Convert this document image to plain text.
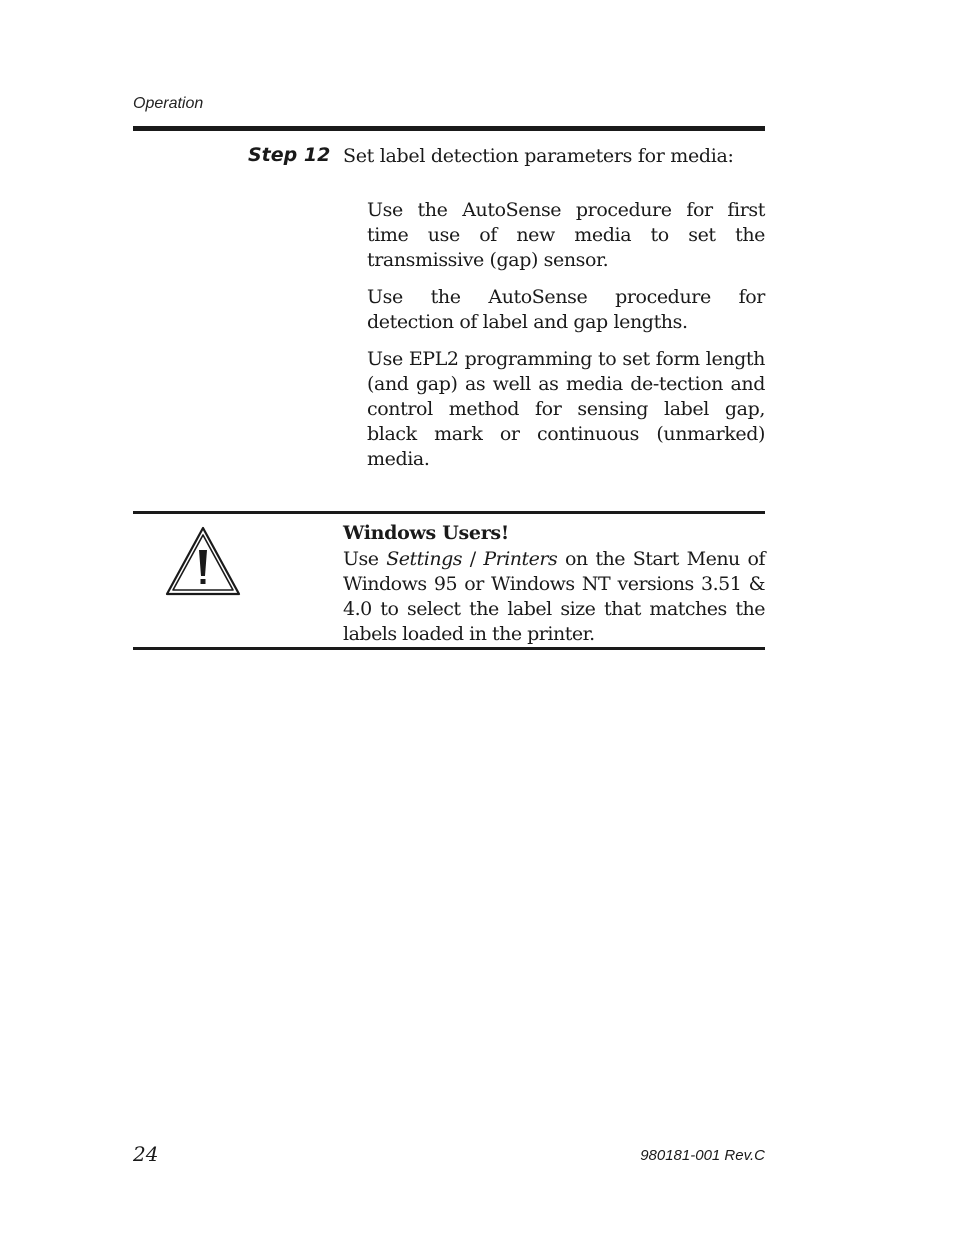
Operation
Step 12 Set label detection parameters for media:
Use the AutoSense procedure for first time use of new media to set the transmissive (gap) sensor.
Use the AutoSense procedure for detection of label and gap lengths.
Use EPL2 programming to set form length (and gap) as well as media de-tection and control method for sensing label gap, black mark or continuous (unmarked) media.
Windows Users!
Use Settings / Printers on the Start Menu of Windows 95 or Windows NT versions 3.51 & 4.0 to select the label size that matches the labels loaded in the printer.
24	980181-001 Rev.C
